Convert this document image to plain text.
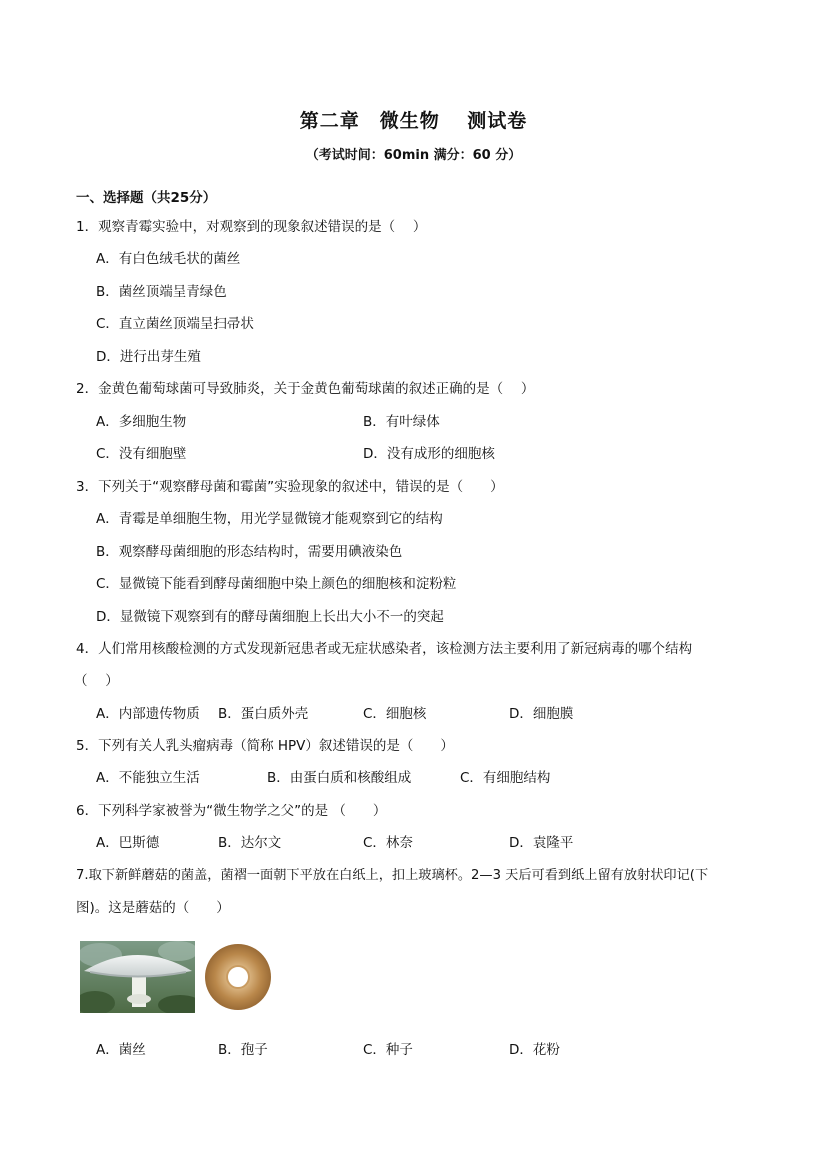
第二章　微生物　 测试卷
（考试时间：60min 满分：60 分）
一、选择题（共25分）
1．观察青霉实验中，对观察到的现象叙述错误的是（　 ）
A．有白色绒毛状的菌丝
B．菌丝顶端呈青绿色
C．直立菌丝顶端呈扫帚状
D．进行出芽生殖
2．金黄色葡萄球菌可导致肺炎，关于金黄色葡萄球菌的叙述正确的是（　 ）
A．多细胞生物	B．有叶绿体
C．没有细胞壁	D．没有成形的细胞核
3．下列关于“观察酵母菌和霉菌”实验现象的叙述中，错误的是（　　）
A．青霉是单细胞生物，用光学显微镜才能观察到它的结构
B．观察酵母菌细胞的形态结构时，需要用碘液染色
C．显微镜下能看到酵母菌细胞中染上颜色的细胞核和淀粉粒
D．显微镜下观察到有的酵母菌细胞上长出大小不一的突起
4．人们常用核酸检测的方式发现新冠患者或无症状感染者，该检测方法主要利用了新冠病毒的哪个结构
（　 ）
A．内部遗传物质 B．蛋白质外壳	C．细胞核	D．细胞膜
5．下列有关人乳头瘤病毒（简称 HPV）叙述错误的是（　　）
A．不能独立生活	B．由蛋白质和核酸组成	C．有细胞结构
6．下列科学家被誉为“微生物学之父”的是 （　　）
A．巴斯德	B．达尔文	C．林奈	D．袁隆平
7.取下新鲜蘑菇的菌盖，菌褶一面朝下平放在白纸上，扣上玻璃杯。2—3 天后可看到纸上留有放射状印记(下
图)。这是蘑菇的（　　）
A．菌丝	B．孢子	C．种子	D．花粉
